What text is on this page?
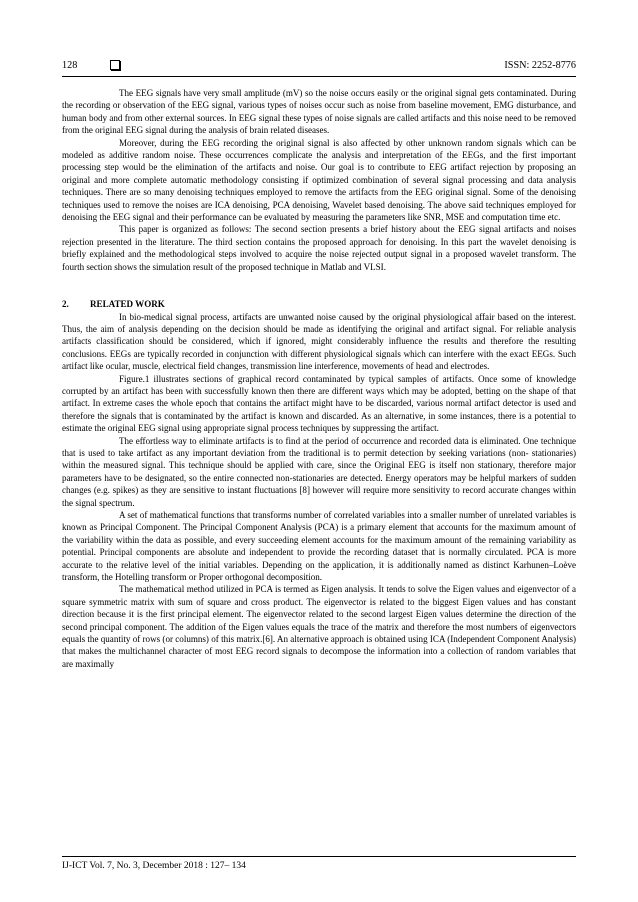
128	ISSN: 2252-8776

The EEG signals have very small amplitude (mV) so the noise occurs easily or the original signal gets contaminated. During the recording or observation of the EEG signal, various types of noises occur such as noise from baseline movement, EMG disturbance, and human body and from other external sources. In EEG signal these types of noise signals are called artifacts and this noise need to be removed from the original EEG signal during the analysis of brain related diseases.

Moreover, during the EEG recording the original signal is also affected by other unknown random signals which can be modeled as additive random noise. These occurrences complicate the analysis and interpretation of the EEGs, and the first important processing step would be the elimination of the artifacts and noise. Our goal is to contribute to EEG artifact rejection by proposing an original and more complete automatic methodology consisting if optimized combination of several signal processing and data analysis techniques. There are so many denoising techniques employed to remove the artifacts from the EEG original signal. Some of the denoising techniques used to remove the noises are ICA denoising, PCA denoising, Wavelet based denoising. The above said techniques employed for denoising the EEG signal and their performance can be evaluated by measuring the parameters like SNR, MSE and computation time etc.

This paper is organized as follows: The second section presents a brief history about the EEG signal artifacts and noises rejection presented in the literature. The third section contains the proposed approach for denoising. In this part the wavelet denoising is briefly explained and the methodological steps involved to acquire the noise rejected output signal in a proposed wavelet transform. The fourth section shows the simulation result of the proposed technique in Matlab and VLSI.

2. RELATED WORK

In bio-medical signal process, artifacts are unwanted noise caused by the original physiological affair based on the interest. Thus, the aim of analysis depending on the decision should be made as identifying the original and artifact signal. For reliable analysis artifacts classification should be considered, which if ignored, might considerably influence the results and therefore the resulting conclusions. EEGs are typically recorded in conjunction with different physiological signals which can interfere with the exact EEGs. Such artifact like ocular, muscle, electrical field changes, transmission line interference, movements of head and electrodes.

Figure.1 illustrates sections of graphical record contaminated by typical samples of artifacts. Once some of knowledge corrupted by an artifact has been with successfully known then there are different ways which may be adopted, betting on the shape of that artifact. In extreme cases the whole epoch that contains the artifact might have to be discarded, various normal artifact detector is used and therefore the signals that is contaminated by the artifact is known and discarded. As an alternative, in some instances, there is a potential to estimate the original EEG signal using appropriate signal process techniques by suppressing the artifact.

The effortless way to eliminate artifacts is to find at the period of occurrence and recorded data is eliminated. One technique that is used to take artifact as any important deviation from the traditional is to permit detection by seeking variations (non- stationaries) within the measured signal. This technique should be applied with care, since the Original EEG is itself non stationary, therefore major parameters have to be designated, so the entire connected non-stationaries are detected. Energy operators may be helpful markers of sudden changes (e.g. spikes) as they are sensitive to instant fluctuations [8] however will require more sensitivity to record accurate changes within the signal spectrum.

A set of mathematical functions that transforms number of correlated variables into a smaller number of unrelated variables is known as Principal Component. The Principal Component Analysis (PCA) is a primary element that accounts for the maximum amount of the variability within the data as possible, and every succeeding element accounts for the maximum amount of the remaining variability as potential. Principal components are absolute and independent to provide the recording dataset that is normally circulated. PCA is more accurate to the relative level of the initial variables. Depending on the application, it is additionally named as distinct Karhunen–Loève transform, the Hotelling transform or Proper orthogonal decomposition.

The mathematical method utilized in PCA is termed as Eigen analysis. It tends to solve the Eigen values and eigenvector of a square symmetric matrix with sum of square and cross product. The eigenvector is related to the biggest Eigen values and has constant direction because it is the first principal element. The eigenvector related to the second largest Eigen values determine the direction of the second principal component. The addition of the Eigen values equals the trace of the matrix and therefore the most numbers of eigenvectors equals the quantity of rows (or columns) of this matrix.[6]. An alternative approach is obtained using ICA (Independent Component Analysis) that makes the multichannel character of most EEG record signals to decompose the information into a collection of random variables that are maximally

IJ-ICT Vol. 7, No. 3, December 2018 : 127– 134
